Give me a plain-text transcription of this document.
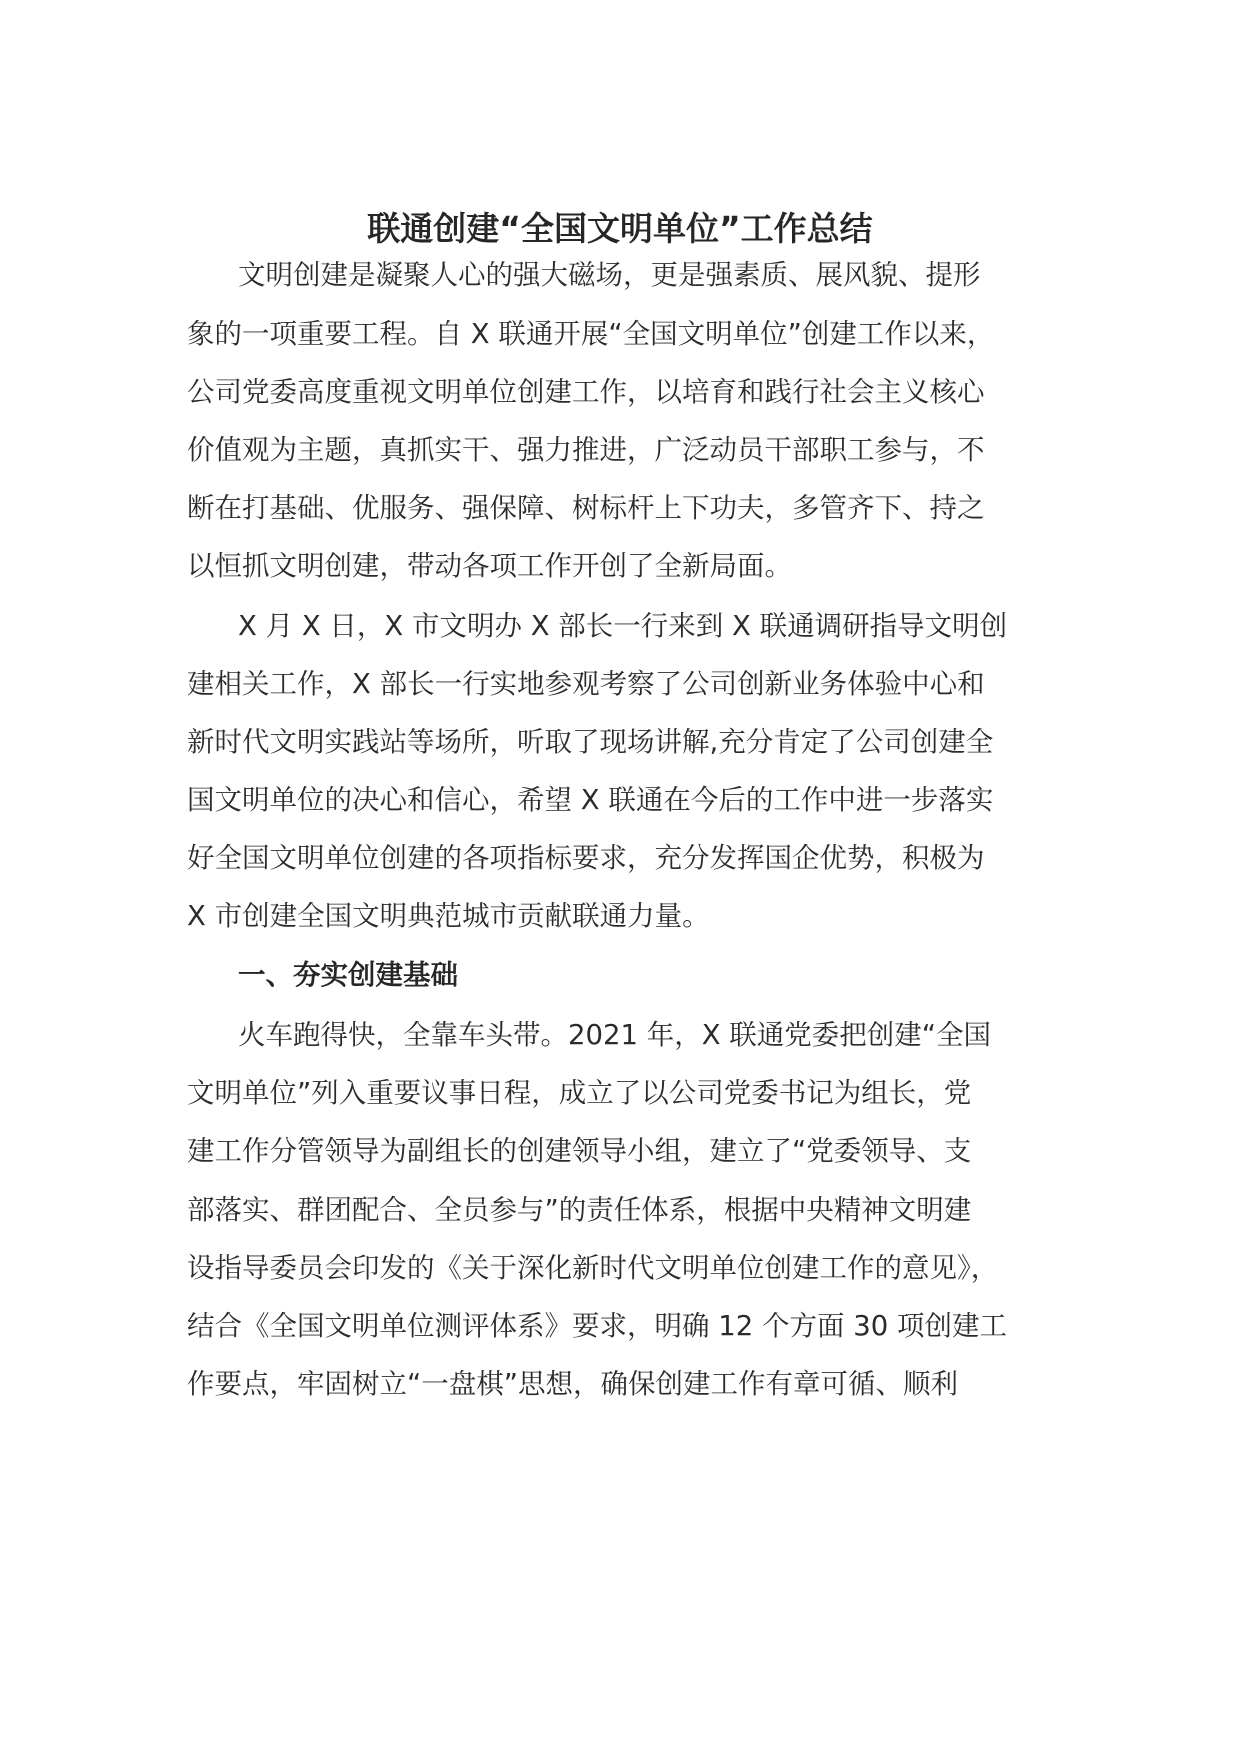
联通创建“全国文明单位”工作总结
文明创建是凝聚人心的强大磁场，更是强素质、展风貌、提形
象的一项重要工程。自 X 联通开展“全国文明单位”创建工作以来，
公司党委高度重视文明单位创建工作，以培育和践行社会主义核心
价值观为主题，真抓实干、强力推进，广泛动员干部职工参与，不
断在打基础、优服务、强保障、树标杆上下功夫，多管齐下、持之
以恒抓文明创建，带动各项工作开创了全新局面。
X 月 X 日，X 市文明办 X 部长一行来到 X 联通调研指导文明创
建相关工作，X 部长一行实地参观考察了公司创新业务体验中心和
新时代文明实践站等场所，听取了现场讲解,充分肯定了公司创建全
国文明单位的决心和信心，希望 X 联通在今后的工作中进一步落实
好全国文明单位创建的各项指标要求，充分发挥国企优势，积极为
X 市创建全国文明典范城市贡献联通力量。
一、夯实创建基础
火车跑得快，全靠车头带。2021 年，X 联通党委把创建“全国
文明单位”列入重要议事日程，成立了以公司党委书记为组长，党
建工作分管领导为副组长的创建领导小组，建立了“党委领导、支
部落实、群团配合、全员参与”的责任体系，根据中央精神文明建
设指导委员会印发的《关于深化新时代文明单位创建工作的意见》，
结合《全国文明单位测评体系》要求，明确 12 个方面 30 项创建工
作要点，牢固树立“一盘棋”思想，确保创建工作有章可循、顺利
